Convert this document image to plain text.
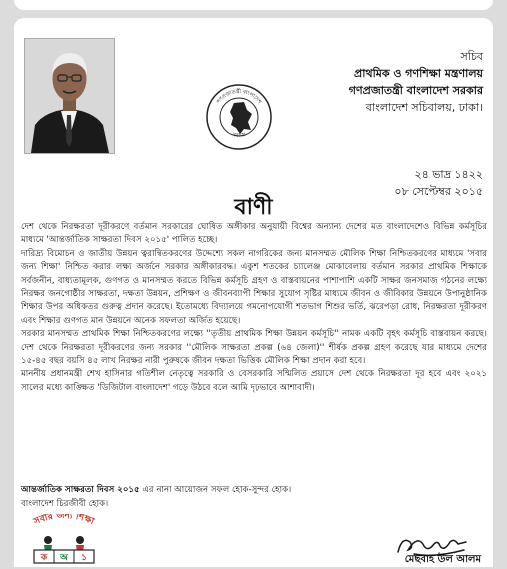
গণপ্রজাতন্ত্রী বাংলাদেশ
সরকার
সচিব
প্রাথমিক ও গণশিক্ষা মন্ত্রণালয়
গণপ্রজাতন্ত্রী বাংলাদেশ সরকার
বাংলাদেশ সচিবালয়, ঢাকা।
২৪ ভাদ্র ১৪২২
০৮ সেপ্টেম্বর ২০১৫
বাণী

দেশ থেকে নিরক্ষরতা দূরীকরণে বর্তমান সরকারের ঘোষিত অঙ্গীকার অনুযায়ী বিশ্বের অন্যান্য দেশের মত বাংলাদেশেও বিভিন্ন কর্মসূচির মাধ্যমে 'আন্তর্জাতিক সাক্ষরতা দিবস ২০১৫' পালিত হচ্ছে।

দারিদ্র্য বিমোচন ও জাতীয় উন্নয়ন ত্বরান্বিতকরণের উদ্দেশ্যে সকল নাগরিকের জন্য মানসম্মত মৌলিক শিক্ষা নিশ্চিতকরণের মাধ্যমে 'সবার জন্য শিক্ষা' নিশ্চিত করার লক্ষ্য অর্জনে সরকার অঙ্গীকারবদ্ধ। একুশ শতকের চ্যালেঞ্জ মোকাবেলায় বর্তমান সরকার প্রাথমিক শিক্ষাকে সর্বজনীন, বাধ্যতামূলক, গুণগত ও মানসম্মত করতে বিভিন্ন কর্মসূচি গ্রহণ ও বাস্তবায়নের পাশাপাশি একটি সাক্ষর জনসমাজ গঠনের লক্ষ্যে নিরক্ষর জনগোষ্ঠীর সাক্ষরতা, দক্ষতা উন্নয়ন, প্রশিক্ষণ ও জীবনব্যাপী শিক্ষার সুযোগ সৃষ্টির মাধ্যমে জীবন ও জীবিকার উন্নয়নে উপানুষ্ঠানিক শিক্ষার উপর অধিকতর গুরুত্ব প্রদান করেছে। ইতোমধ্যে বিদ্যালয়ে গমনোপযোগী শতভাগ শিশুর ভর্তি, ঝরেপড়া রোধ, নিরক্ষরতা দূরীকরণ এবং শিক্ষার গুণগত মান উন্নয়নে অনেক সফলতা অর্জিত হয়েছে।

সরকার মানসম্মত প্রাথমিক শিক্ষা নিশ্চিতকরণের লক্ষ্যে ''তৃতীয় প্রাথমিক শিক্ষা উন্নয়ন কর্মসূচি'' নামক একটি বৃহৎ কর্মসূচি বাস্তবায়ন করছে। দেশ থেকে নিরক্ষরতা দূরীকরণের জন্য সরকার ''মৌলিক সাক্ষরতা প্রকল্প (৬৪ জেলা)'' শীর্ষক প্রকল্প গ্রহণ করেছে যার মাধ্যমে দেশের ১৫-৪৫ বছর বয়সি ৪৫ লাখ নিরক্ষর নারী পুরুষকে জীবন দক্ষতা ভিত্তিক মৌলিক শিক্ষা প্রদান করা হবে।

মাননীয় প্রধানমন্ত্রী শেখ হাসিনার গতিশীল নেতৃত্বে সরকারি ও বেসরকারি সম্মিলিত প্রয়াসে দেশ থেকে নিরক্ষরতা দূর হবে এবং ২০২১ সালের মধ্যে কাঙ্ক্ষিত 'ডিজিটাল বাংলাদেশ' গড়ে উঠবে বলে আমি দৃঢ়ভাবে আশাবাদী।

আন্তর্জাতিক সাক্ষরতা দিবস ২০১৫ এর নানা আয়োজন সফল হোক-সুন্দর হোক।

বাংলাদেশ চিরজীবী হোক।

সবার জন্য শিক্ষা
ক অ ১	মেছবাহ উল আলম
